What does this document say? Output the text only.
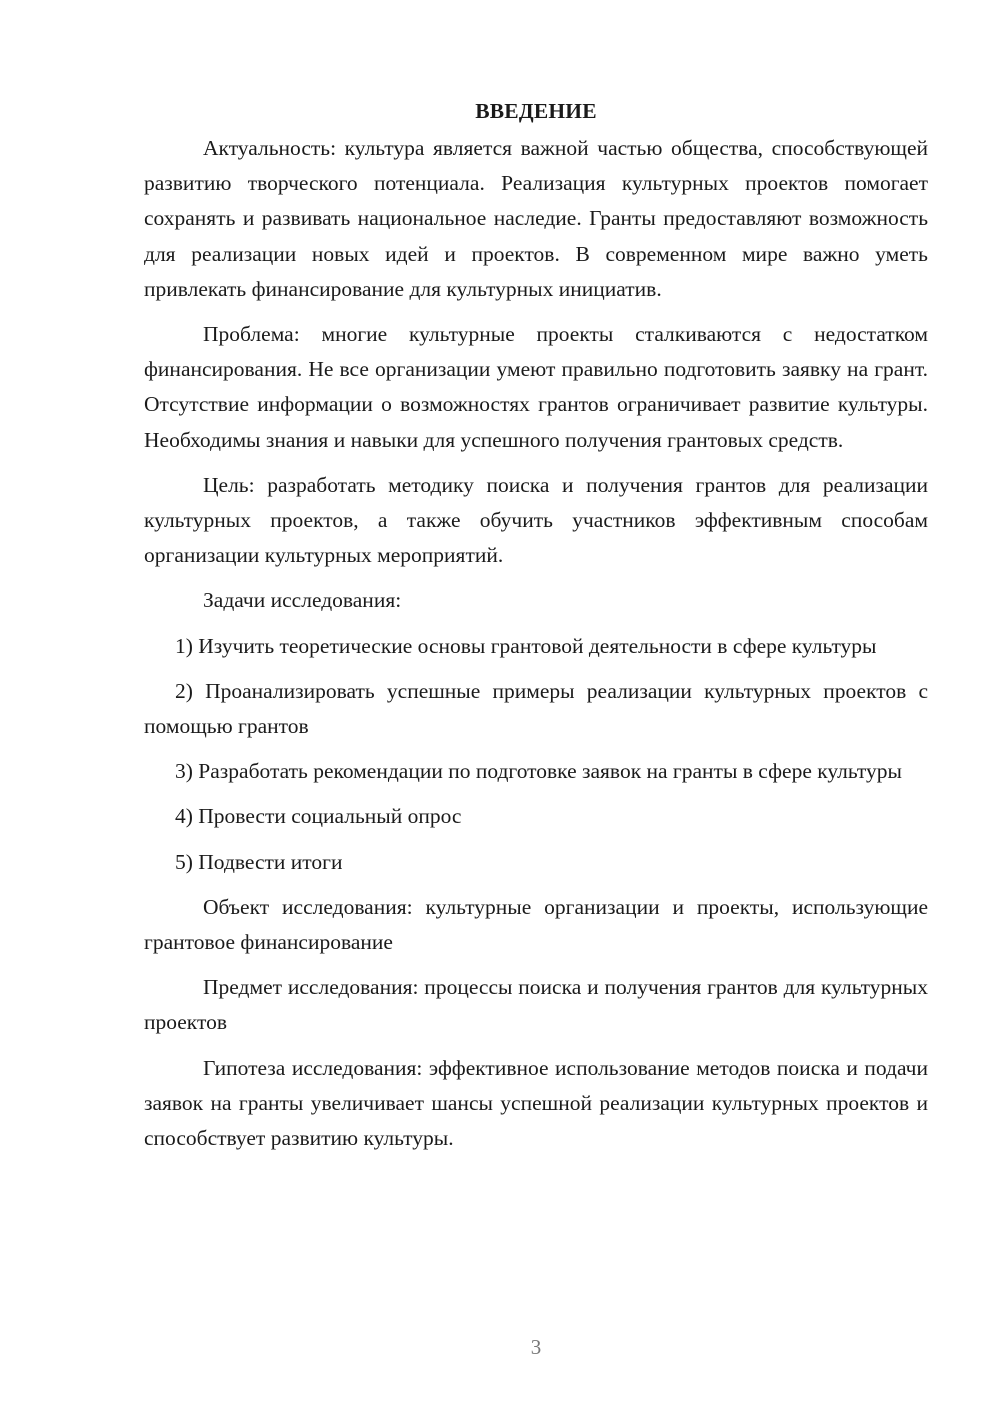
ВВЕДЕНИЕ

Актуальность: культура является важной частью общества, способствующей развитию творческого потенциала. Реализация культурных проектов помогает сохранять и развивать национальное наследие. Гранты предоставляют возможность для реализации новых идей и проектов. В современном мире важно уметь привлекать финансирование для культурных инициатив.

Проблема: многие культурные проекты сталкиваются с недостатком финансирования. Не все организации умеют правильно подготовить заявку на грант. Отсутствие информации о возможностях грантов ограничивает развитие культуры. Необходимы знания и навыки для успешного получения грантовых средств.

Цель: разработать методику поиска и получения грантов для реализации культурных проектов, а также обучить участников эффективным способам организации культурных мероприятий.

Задачи исследования:

1) Изучить теоретические основы грантовой деятельности в сфере культуры

2) Проанализировать успешные примеры реализации культурных проектов с помощью грантов

3) Разработать рекомендации по подготовке заявок на гранты в сфере культуры

4) Провести социальный опрос

5) Подвести итоги

Объект исследования: культурные организации и проекты, использующие грантовое финансирование

Предмет исследования: процессы поиска и получения грантов для культурных проектов

Гипотеза исследования: эффективное использование методов поиска и подачи заявок на гранты увеличивает шансы успешной реализации культурных проектов и способствует развитию культуры.

3
